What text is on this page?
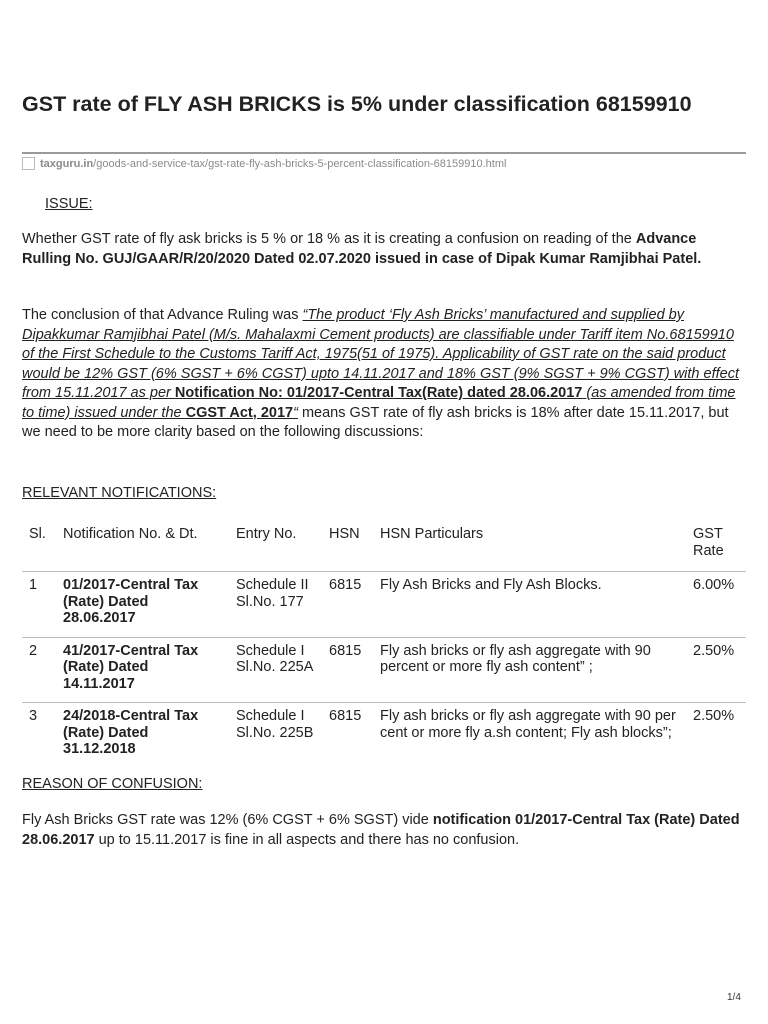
GST rate of FLY ASH BRICKS is 5% under classification 68159910
taxguru.in /goods-and-service-tax/gst-rate-fly-ash-bricks-5-percent-classification-68159910.html
ISSUE:

Whether GST rate of fly ask bricks is 5 % or 18 % as it is creating a confusion on reading of the Advance Rulling No. GUJ/GAAR/R/20/2020 Dated 02.07.2020 issued in case of Dipak Kumar Ramjibhai Patel.

The conclusion of that Advance Ruling was “The product ‘Fly Ash Bricks’ manufactured and supplied by Dipakkumar Ramjibhai Patel (M/s. Mahalaxmi Cement products) are classifiable under Tariff item No.68159910 of the First Schedule to the Customs Tariff Act, 1975(51 of 1975). Applicability of GST rate on the said product would be 12% GST (6% SGST + 6% CGST) upto 14.11.2017 and 18% GST (9% SGST + 9% CGST) with effect from 15.11.2017 as per Notification No: 01/2017-Central Tax(Rate) dated 28.06.2017 (as amended from time to time) issued under the CGST Act, 2017“ means GST rate of fly ash bricks is 18% after date 15.11.2017, but we need to be more clarity based on the following discussions:

RELEVANT NOTIFICATIONS:
Sl.	Notification No. & Dt.	Entry No.	HSN	HSN Particulars	GST Rate
1	01/2017-Central Tax (Rate) Dated 28.06.2017	Schedule II Sl.No. 177	6815	Fly Ash Bricks and Fly Ash Blocks.	6.00%
2	41/2017-Central Tax (Rate) Dated 14.11.2017	Schedule I Sl.No. 225A	6815	Fly ash bricks or fly ash aggregate with 90 percent or more fly ash content” ;	2.50%
3	24/2018-Central Tax (Rate) Dated 31.12.2018	Schedule I Sl.No. 225B	6815	Fly ash bricks or fly ash aggregate with 90 per cent or more fly a.sh content; Fly ash blocks”;	2.50%
REASON OF CONFUSION:

Fly Ash Bricks GST rate was 12% (6% CGST + 6% SGST) vide notification 01/2017-Central Tax (Rate) Dated 28.06.2017 up to 15.11.2017 is fine in all aspects and there has no confusion.

1/4
